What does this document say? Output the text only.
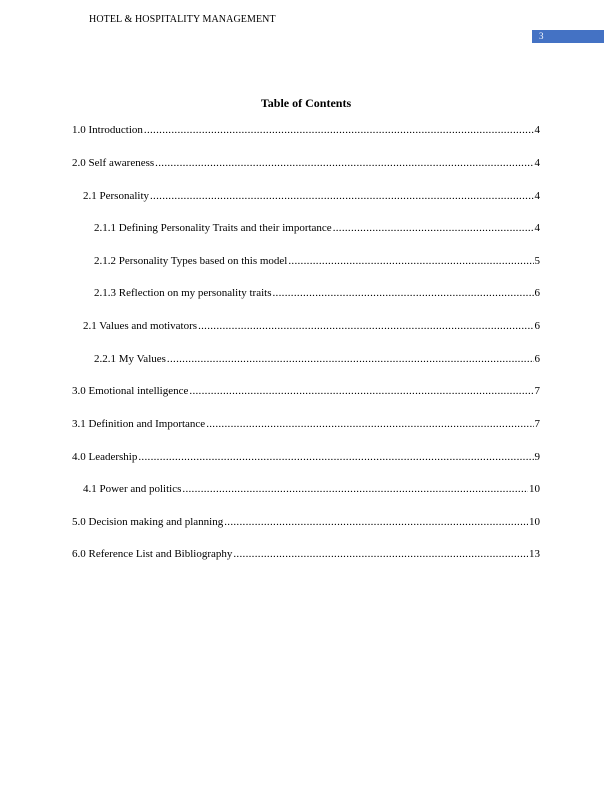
HOTEL & HOSPITALITY MANAGEMENT
3
Table of Contents
1.0 Introduction .....	4
2.0 Self awareness .....	4
2.1 Personality .....	4
2.1.1 Defining Personality Traits and their importance .....	4
2.1.2 Personality Types based on this model .....	5
2.1.3 Reflection on my personality traits .....	6
2.1 Values and motivators .....	6
2.2.1 My Values .....	6
3.0 Emotional intelligence .....	7
3.1 Definition and Importance .....	7
4.0 Leadership .....	9
4.1 Power and politics .....	10
5.0 Decision making and planning .....	10
6.0 Reference List and Bibliography .....	13
